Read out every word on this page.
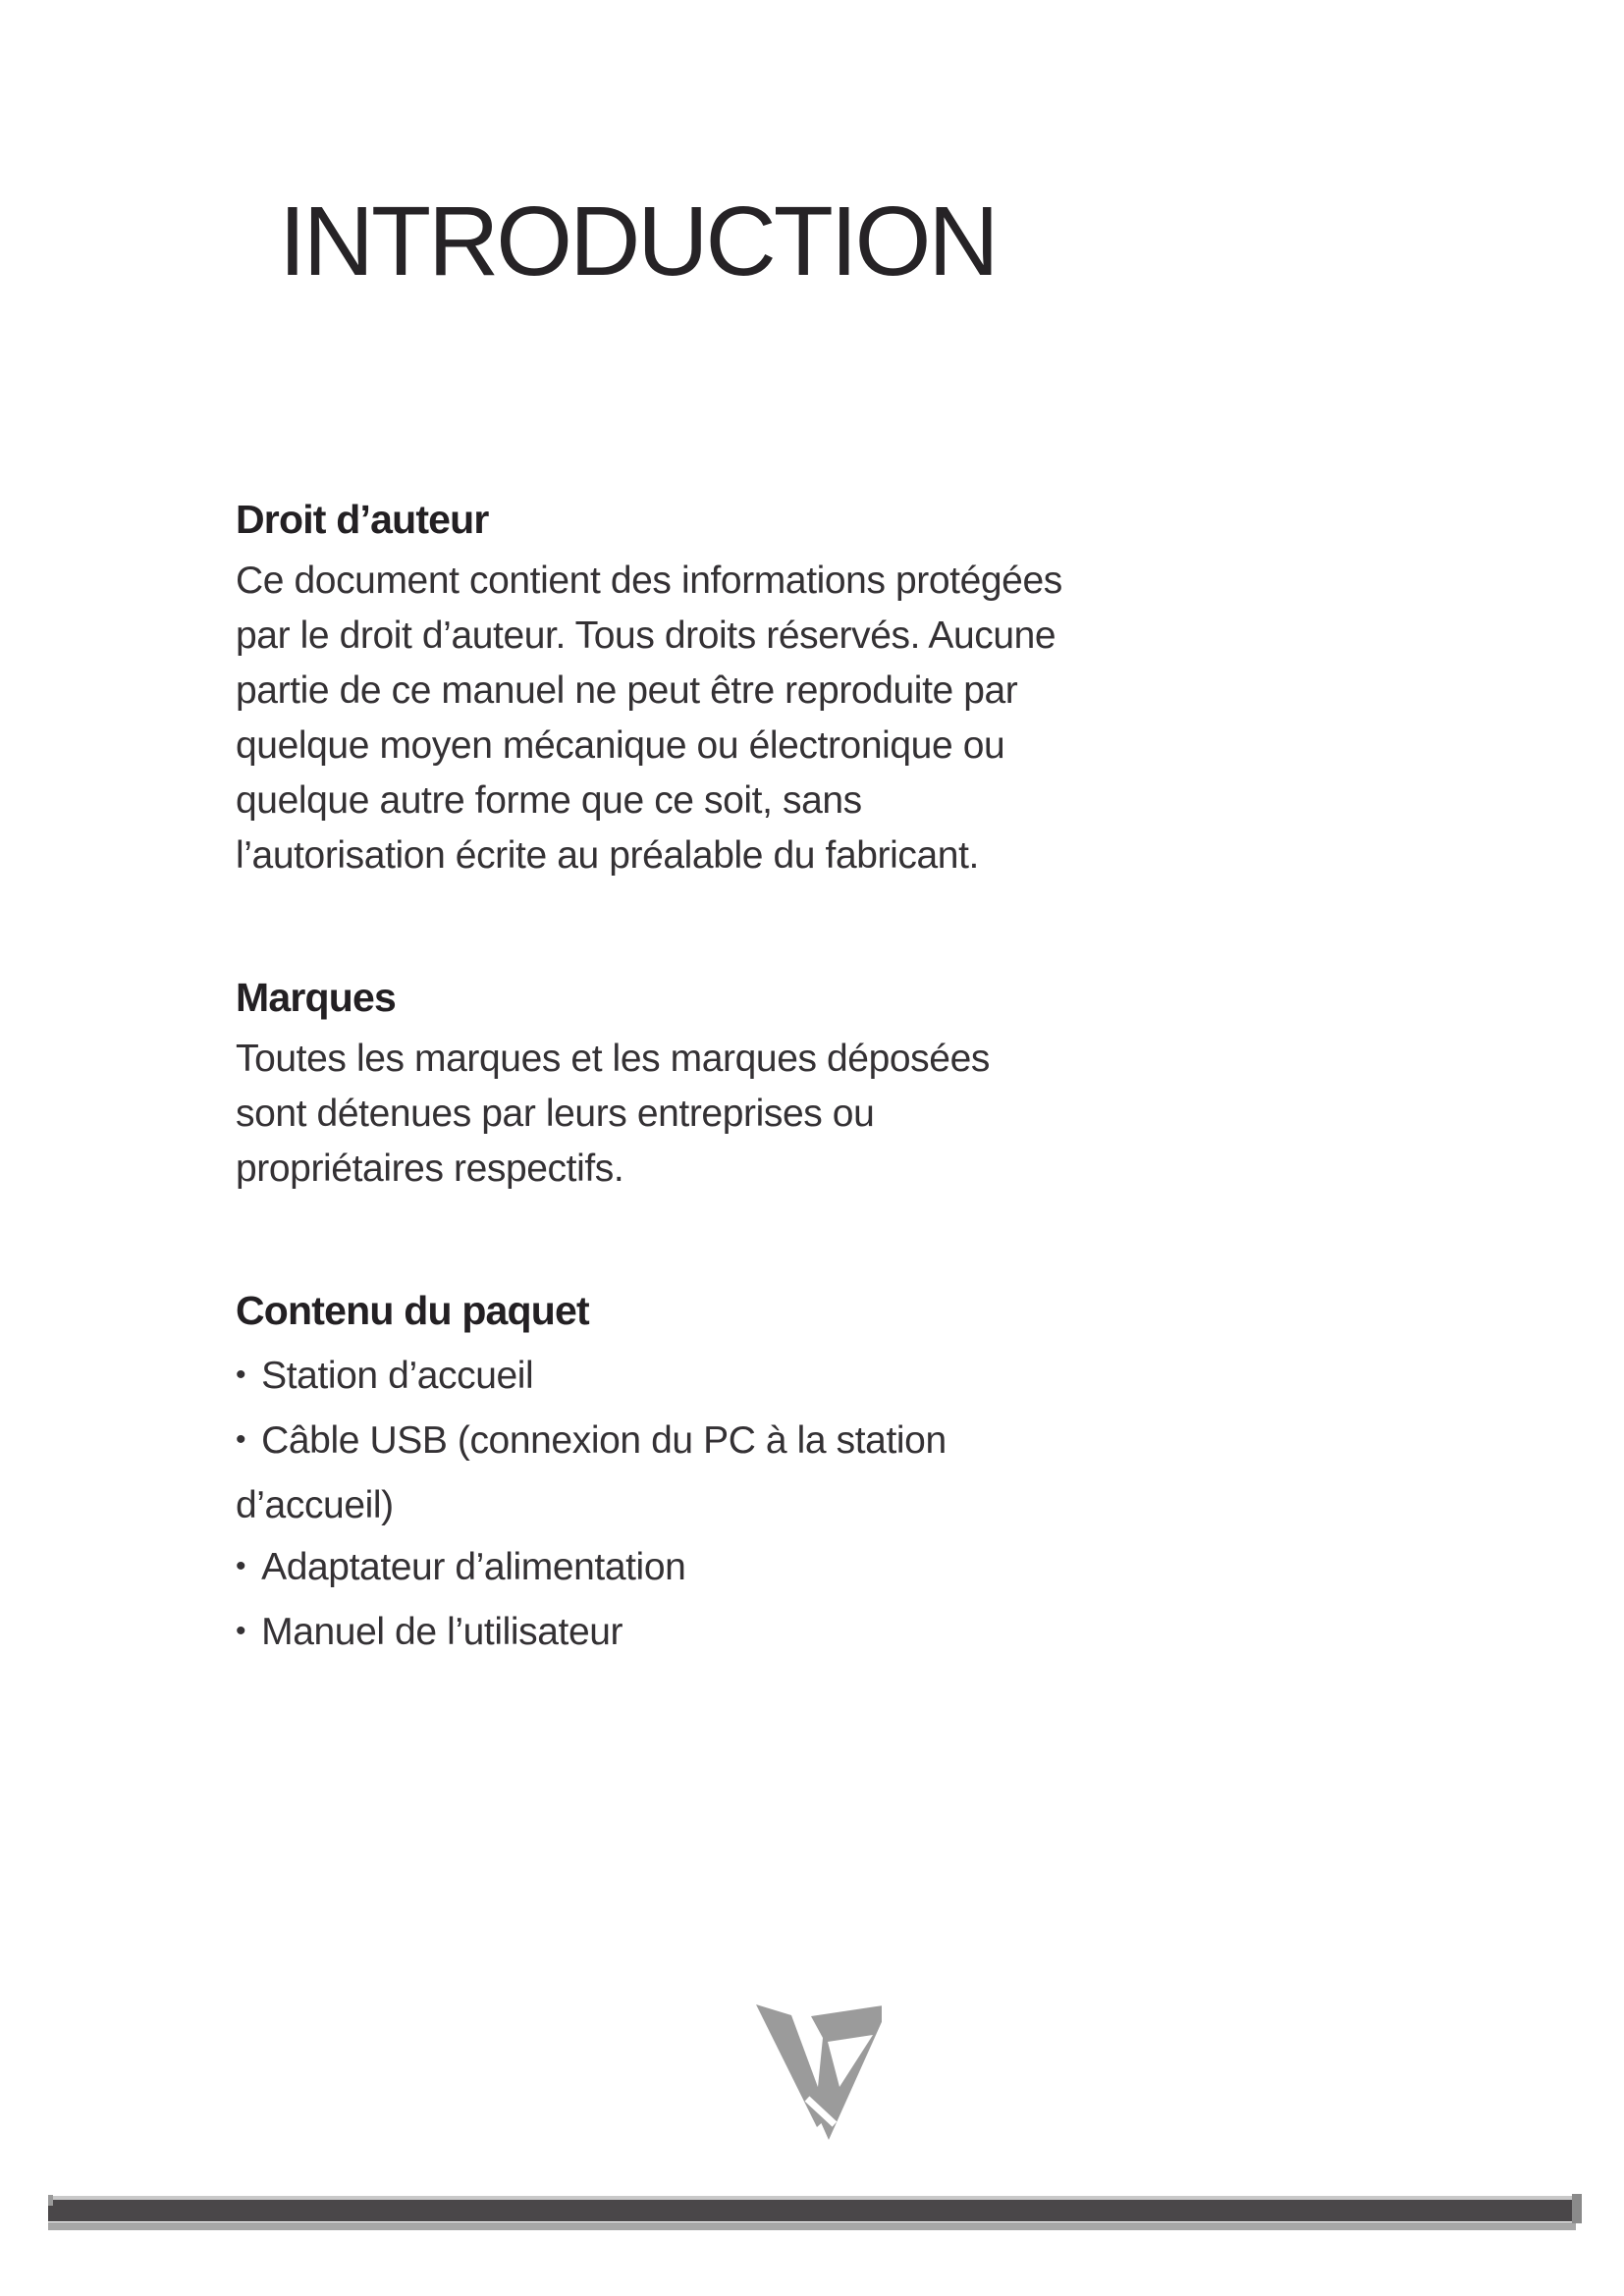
INTRODUCTION
Droit d’auteur

Ce document contient des informations protégées par le droit d’auteur. Tous droits réservés. Aucune partie de ce manuel ne peut être reproduite par quelque moyen mécanique ou électronique ou quelque autre forme que ce soit, sans l’autorisation écrite au préalable du fabricant.

Marques

Toutes les marques et les marques déposées sont détenues par leurs entreprises ou propriétaires respectifs.

Contenu du paquet
• Station d’accueil
• Câble USB (connexion du PC à la station d’accueil)
• Adaptateur d’alimentation
• Manuel de l’utilisateur
